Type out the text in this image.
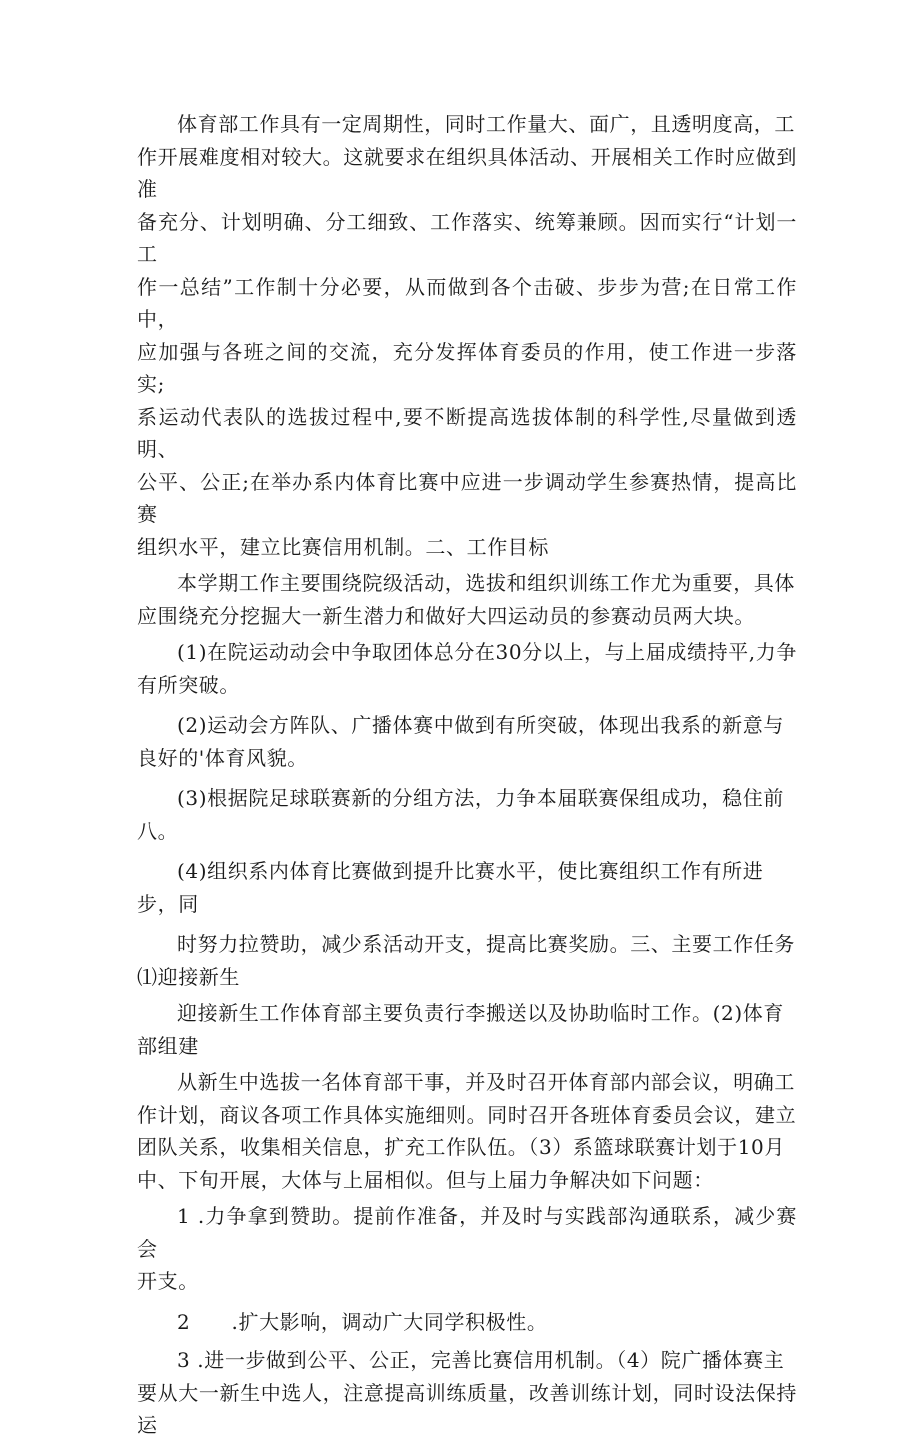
体育部工作具有一定周期性，同时工作量大、面广，且透明度高，工
作开展难度相对较大。这就要求在组织具体活动、开展相关工作时应做到准
备充分、计划明确、分工细致、工作落实、统筹兼顾。因而实行“计划一工
作一总结”工作制十分必要，从而做到各个击破、步步为营;在日常工作中，
应加强与各班之间的交流，充分发挥体育委员的作用，使工作进一步落实;
系运动代表队的选拔过程中,要不断提高选拔体制的科学性,尽量做到透明、
公平、公正;在举办系内体育比赛中应进一步调动学生参赛热情，提高比赛
组织水平，建立比赛信用机制。二、工作目标
本学期工作主要围绕院级活动，选拔和组织训练工作尤为重要，具体
应围绕充分挖掘大一新生潜力和做好大四运动员的参赛动员两大块。
(1)在院运动动会中争取团体总分在30分以上，与上届成绩持平,力争
有所突破。
(2)运动会方阵队、广播体赛中做到有所突破，体现出我系的新意与
良好的'体育风貌。
(3)根据院足球联赛新的分组方法，力争本届联赛保组成功，稳住前
八。
(4)组织系内体育比赛做到提升比赛水平，使比赛组织工作有所进
步，同
时努力拉赞助，减少系活动开支，提高比赛奖励。三、主要工作任务
⑴迎接新生
迎接新生工作体育部主要负责行李搬送以及协助临时工作。(2)体育
部组建
从新生中选拔一名体育部干事，并及时召开体育部内部会议，明确工
作计划，商议各项工作具体实施细则。同时召开各班体育委员会议，建立
团队关系，收集相关信息，扩充工作队伍。（3）系篮球联赛计划于10月
中、下旬开展，大体与上届相似。但与上届力争解决如下问题：
1 .力争拿到赞助。提前作准备，并及时与实践部沟通联系，减少赛会
开支。
2　　.扩大影响，调动广大同学积极性。
3 .进一步做到公平、公正，完善比赛信用机制。（4）院广播体赛主
要从大一新生中选人，注意提高训练质量，改善训练计划，同时设法保持运
